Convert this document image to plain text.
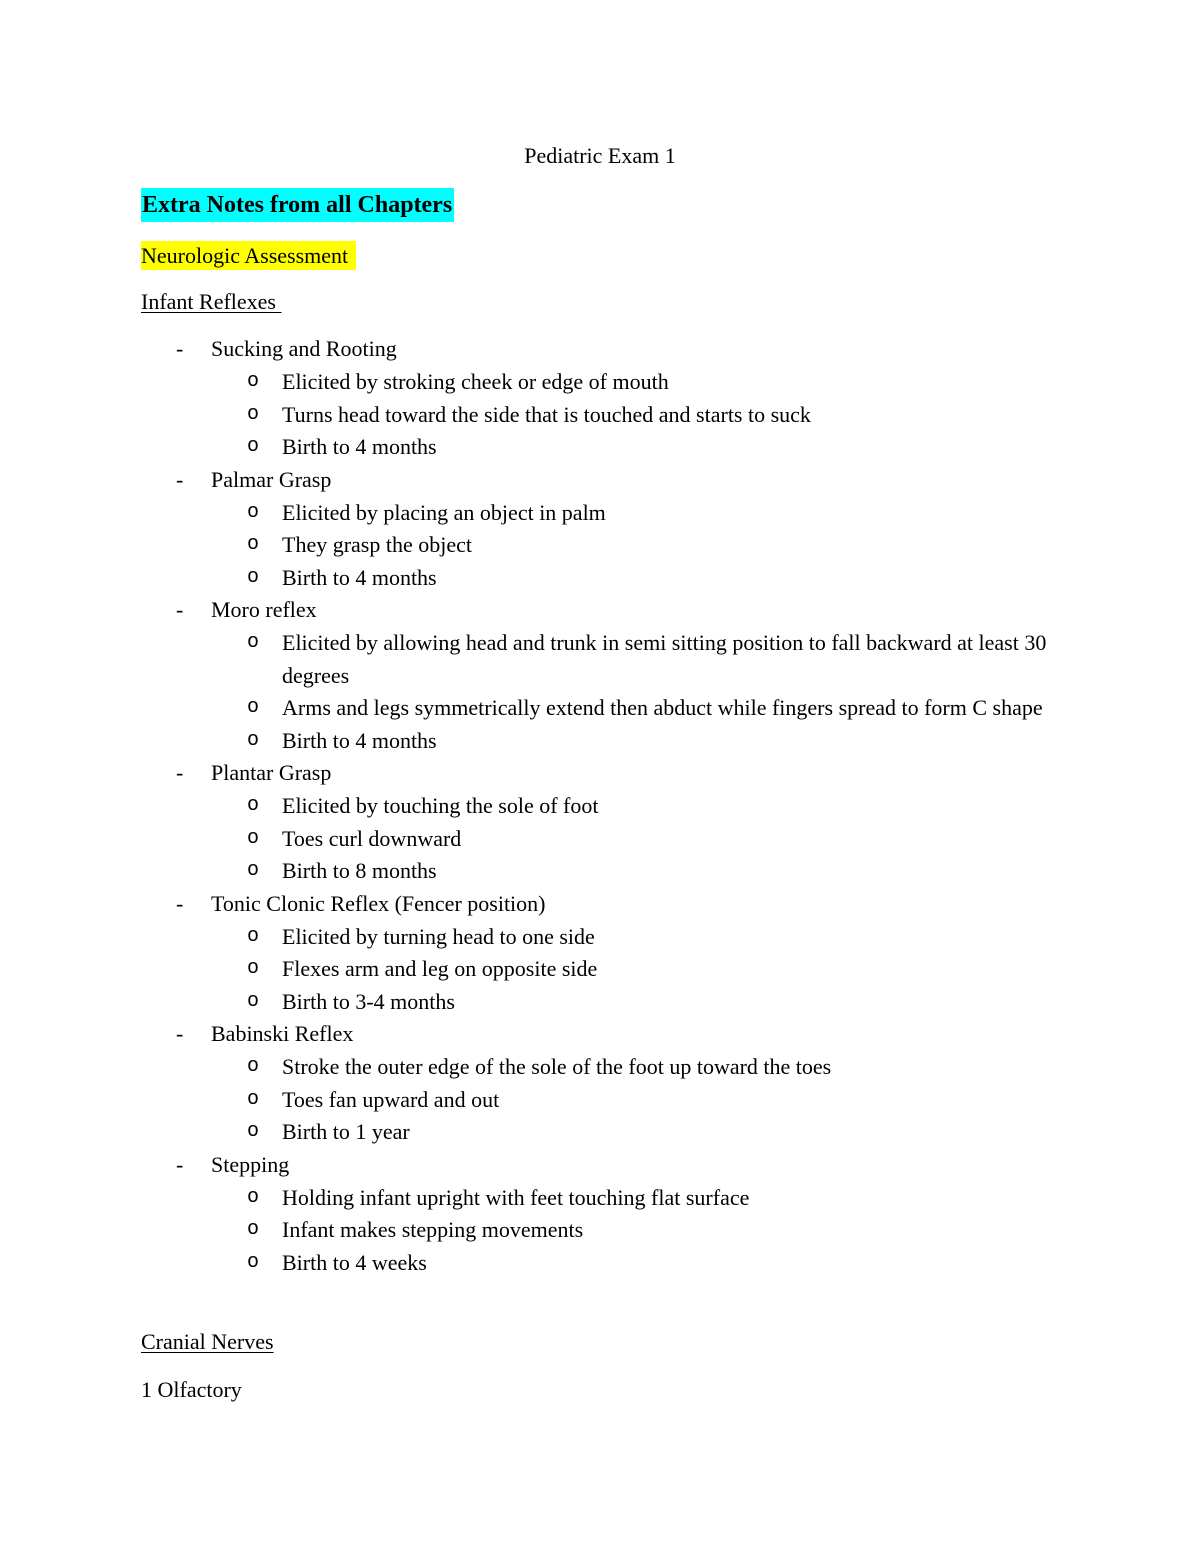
Pediatric Exam 1
Extra Notes from all Chapters
Neurologic Assessment
Infant Reflexes
- Sucking and Rooting
o Elicited by stroking cheek or edge of mouth
o Turns head toward the side that is touched and starts to suck
o Birth to 4 months
- Palmar Grasp
o Elicited by placing an object in palm
o They grasp the object
o Birth to 4 months
- Moro reflex
o Elicited by allowing head and trunk in semi sitting position to fall backward at least 30 degrees
o Arms and legs symmetrically extend then abduct while fingers spread to form C shape
o Birth to 4 months
- Plantar Grasp
o Elicited by touching the sole of foot
o Toes curl downward
o Birth to 8 months
- Tonic Clonic Reflex (Fencer position)
o Elicited by turning head to one side
o Flexes arm and leg on opposite side
o Birth to 3-4 months
- Babinski Reflex
o Stroke the outer edge of the sole of the foot up toward the toes
o Toes fan upward and out
o Birth to 1 year
- Stepping
o Holding infant upright with feet touching flat surface
o Infant makes stepping movements
o Birth to 4 weeks
Cranial Nerves
1 Olfactory
